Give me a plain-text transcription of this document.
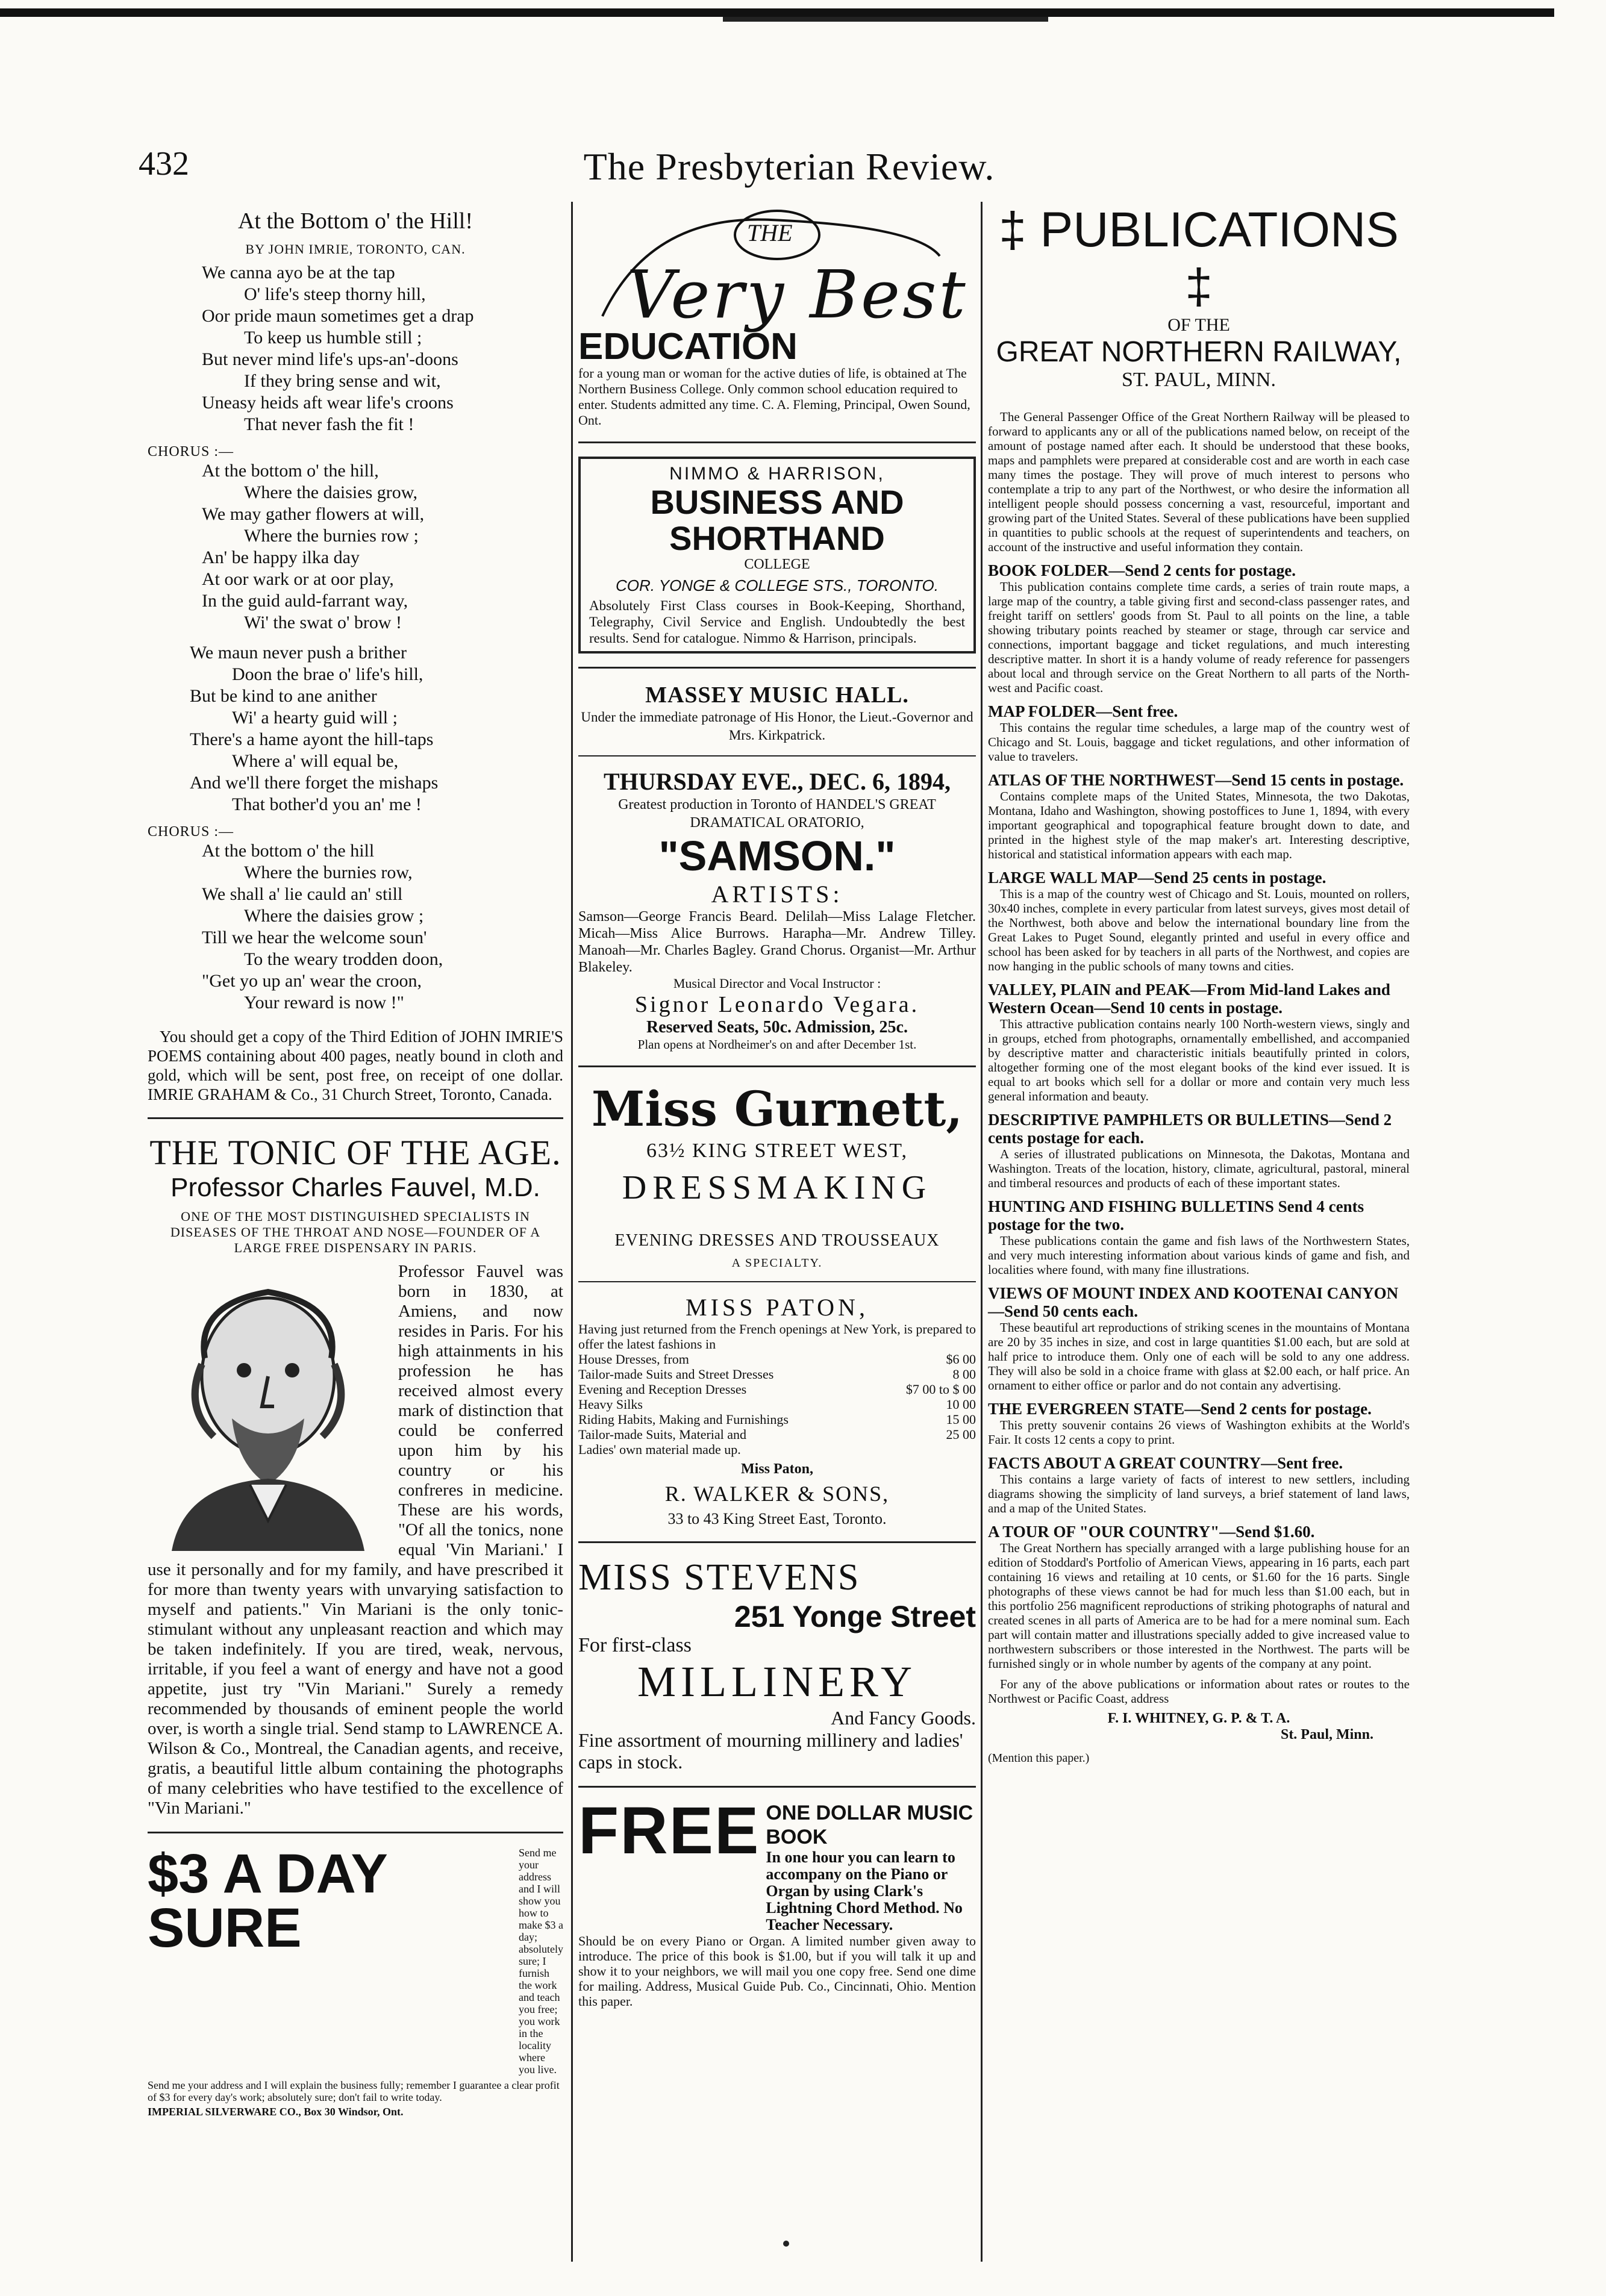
432	The Presbyterian Review.
At the Bottom o' the Hill!
BY JOHN IMRIE, TORONTO, CAN.
We canna ayo be at the tap
O' life's steep thorny hill,
Oor pride maun sometimes get a drap
To keep us humble still ;
But never mind life's ups-an'-doons
If they bring sense and wit,
Uneasy heids aft wear life's croons
That never fash the fit !
CHORUS :—
At the bottom o' the hill,
Where the daisies grow,
We may gather flowers at will,
Where the burnies row ;
An' be happy ilka day
At oor wark or at oor play,
In the guid auld-farrant way,
Wi' the swat o' brow !
We maun never push a brither
Doon the brae o' life's hill,
But be kind to ane anither
Wi' a hearty guid will ;
There's a hame ayont the hill-taps
Where a' will equal be,
And we'll there forget the mishaps
That bother'd you an' me !
CHORUS :—
At the bottom o' the hill
Where the burnies row,
We shall a' lie cauld an' still
Where the daisies grow ;
Till we hear the welcome soun'
To the weary trodden doon,
"Get yo up an' wear the croon,
Your reward is now !"

You should get a copy of the Third Edition of JOHN IMRIE'S POEMS containing about 400 pages, neatly bound in cloth and gold, which will be sent, post free, on receipt of one dollar. IMRIE GRAHAM & Co., 31 Church Street, Toronto, Canada.

THE TONIC OF THE AGE.
Professor Charles Fauvel, M.D.
ONE OF THE MOST DISTINGUISHED SPECIALISTS IN DISEASES OF THE THROAT AND NOSE—FOUNDER OF A LARGE FREE DISPENSARY IN PARIS.

Professor Fauvel was born in 1830, at Amiens, and now resides in Paris. For his high attainments in his profession he has received almost every mark of distinction that could be conferred upon him by his country or his confreres in medicine. These are his words, "Of all the tonics, none equal 'Vin Mariani.' I use it personally and for my family, and have prescribed it for more than twenty years with unvarying satisfaction to myself and patients." Vin Mariani is the only tonic-stimulant without any unpleasant reaction and which may be taken indefinitely. If you are tired, weak, nervous, irritable, if you feel a want of energy and have not a good appetite, just try "Vin Mariani." Surely a remedy recommended by thousands of eminent people the world over, is worth a single trial. Send stamp to LAWRENCE A. Wilson & Co., Montreal, the Canadian agents, and receive, gratis, a beautiful little album containing the photographs of many celebrities who have testified to the excellence of "Vin Mariani."

$3 A DAY SURE
Send me your address and I will show you how to make $3 a day; absolutely sure; I furnish the work and teach you free; you work in the locality where you live.
Send me your address and I will explain the business fully; remember I guarantee a clear profit of $3 for every day's work; absolutely sure; don't fail to write today.
IMPERIAL SILVERWARE CO., Box 30 Windsor, Ont.
THE
Very Best
EDUCATION

for a young man or woman for the active duties of life, is obtained at The Northern Business College. Only common school education required to enter. Students admitted any time. C. A. Fleming, Principal, Owen Sound, Ont.

NIMMO & HARRISON,
BUSINESS AND SHORTHAND
COLLEGE
COR. YONGE & COLLEGE STS., TORONTO.

Absolutely First Class courses in Book-Keeping, Shorthand, Telegraphy, Civil Service and English. Undoubtedly the best results. Send for catalogue. Nimmo & Harrison, principals.

MASSEY MUSIC HALL.
Under the immediate patronage of His Honor, the Lieut.-Governor and Mrs. Kirkpatrick.
THURSDAY EVE., DEC. 6, 1894,
Greatest production in Toronto of HANDEL'S GREAT DRAMATICAL ORATORIO,
"SAMSON."
ARTISTS:

Samson—George Francis Beard. Delilah—Miss Lalage Fletcher. Micah—Miss Alice Burrows. Harapha—Mr. Andrew Tilley. Manoah—Mr. Charles Bagley. Grand Chorus. Organist—Mr. Arthur Blakeley.

Musical Director and Vocal Instructor :
Signor Leonardo Vegara.
Reserved Seats, 50c. Admission, 25c.
Plan opens at Nordheimer's on and after December 1st.
Miss Gurnett,
63½ KING STREET WEST,
DRESSMAKING
EVENING DRESSES AND TROUSSEAUX
A SPECIALTY.
MISS PATON,

Having just returned from the French openings at New York, is prepared to offer the latest fashions in

House Dresses, from	$6 00
Tailor-made Suits and Street Dresses	8 00
Evening and Reception Dresses	$7 00 to $ 00
Heavy Silks	10 00
Riding Habits, Making and Furnishings	15 00
Tailor-made Suits, Material and	25 00
Ladies' own material made up.
Miss Paton,
R. WALKER & SONS,
33 to 43 King Street East, Toronto.
MISS STEVENS
251 Yonge Street
For first-class
MILLINERY
And Fancy Goods.

Fine assortment of mourning millinery and ladies' caps in stock.

FREE ONE DOLLAR MUSIC BOOK

In one hour you can learn to accompany on the Piano or Organ by using Clark's Lightning Chord Method. No Teacher Necessary.

Should be on every Piano or Organ. A limited number given away to introduce. The price of this book is $1.00, but if you will talk it up and show it to your neighbors, we will mail you one copy free. Send one dime for mailing. Address, Musical Guide Pub. Co., Cincinnati, Ohio. Mention this paper.

‡ PUBLICATIONS ‡
OF THE
GREAT NORTHERN RAILWAY,
ST. PAUL, MINN.

The General Passenger Office of the Great Northern Railway will be pleased to forward to applicants any or all of the publications named below, on receipt of the amount of postage named after each. It should be understood that these books, maps and pamphlets were prepared at considerable cost and are worth in each case many times the postage. They will prove of much interest to persons who contemplate a trip to any part of the Northwest, or who desire the information all intelligent people should possess concerning a vast, resourceful, important and growing part of the United States. Several of these publications have been supplied in quantities to public schools at the request of superintendents and teachers, on account of the instructive and useful information they contain.

BOOK FOLDER—Send 2 cents for postage.

This publication contains complete time cards, a series of train route maps, a large map of the country, a table giving first and second-class passenger rates, and freight tariff on settlers' goods from St. Paul to all points on the line, a table showing tributary points reached by steamer or stage, through car service and connections, important baggage and ticket regulations, and much interesting descriptive matter. In short it is a handy volume of ready reference for passengers about local and through service on the Great Northern to all parts of the North-west and Pacific coast.

MAP FOLDER—Sent free.

This contains the regular time schedules, a large map of the country west of Chicago and St. Louis, baggage and ticket regulations, and other information of value to travelers.

ATLAS OF THE NORTHWEST—Send 15 cents in postage.

Contains complete maps of the United States, Minnesota, the two Dakotas, Montana, Idaho and Washington, showing postoffices to June 1, 1894, with every important geographical and topographical feature brought down to date, and printed in the highest style of the map maker's art. Interesting descriptive, historical and statistical information appears with each map.

LARGE WALL MAP—Send 25 cents in postage.

This is a map of the country west of Chicago and St. Louis, mounted on rollers, 30x40 inches, complete in every particular from latest surveys, gives most detail of the Northwest, both above and below the international boundary line from the Great Lakes to Puget Sound, elegantly printed and useful in every office and school has been asked for by teachers in all parts of the Northwest, and copies are now hanging in the public schools of many towns and cities.

VALLEY, PLAIN and PEAK—From Mid-land Lakes and Western Ocean—Send 10 cents in postage.

This attractive publication contains nearly 100 North-western views, singly and in groups, etched from photographs, ornamentally embellished, and accompanied by descriptive matter and characteristic initials beautifully printed in colors, altogether forming one of the most elegant books of the kind ever issued. It is equal to art books which sell for a dollar or more and contain very much less general information and beauty.

DESCRIPTIVE PAMPHLETS OR BULLETINS—Send 2 cents postage for each.

A series of illustrated publications on Minnesota, the Dakotas, Montana and Washington. Treats of the location, history, climate, agricultural, pastoral, mineral and timberal resources and products of each of these important states.

HUNTING AND FISHING BULLETINS Send 4 cents postage for the two.

These publications contain the game and fish laws of the Northwestern States, and very much interesting information about various kinds of game and fish, and localities where found, with many fine illustrations.

VIEWS OF MOUNT INDEX AND KOOTENAI CANYON—Send 50 cents each.

These beautiful art reproductions of striking scenes in the mountains of Montana are 20 by 35 inches in size, and cost in large quantities $1.00 each, but are sold at half price to introduce them. Only one of each will be sold to any one address. They will also be sold in a choice frame with glass at $2.00 each, or half price. An ornament to either office or parlor and do not contain any advertising.

THE EVERGREEN STATE—Send 2 cents for postage.

This pretty souvenir contains 26 views of Washington exhibits at the World's Fair. It costs 12 cents a copy to print.

FACTS ABOUT A GREAT COUNTRY—Sent free.

This contains a large variety of facts of interest to new settlers, including diagrams showing the simplicity of land surveys, a brief statement of land laws, and a map of the United States.

A TOUR OF "OUR COUNTRY"—Send $1.60.

The Great Northern has specially arranged with a large publishing house for an edition of Stoddard's Portfolio of American Views, appearing in 16 parts, each part containing 16 views and retailing at 10 cents, or $1.60 for the 16 parts. Single photographs of these views cannot be had for much less than $1.00 each, but in this portfolio 256 magnificent reproductions of striking photographs of natural and created scenes in all parts of America are to be had for a mere nominal sum. Each part will contain matter and illustrations specially added to give increased value to northwestern subscribers or those interested in the Northwest. The parts will be furnished singly or in whole number by agents of the company at any point.

For any of the above publications or information about rates or routes to the Northwest or Pacific Coast, address

F. I. WHITNEY, G. P. & T. A.
St. Paul, Minn.
(Mention this paper.)
